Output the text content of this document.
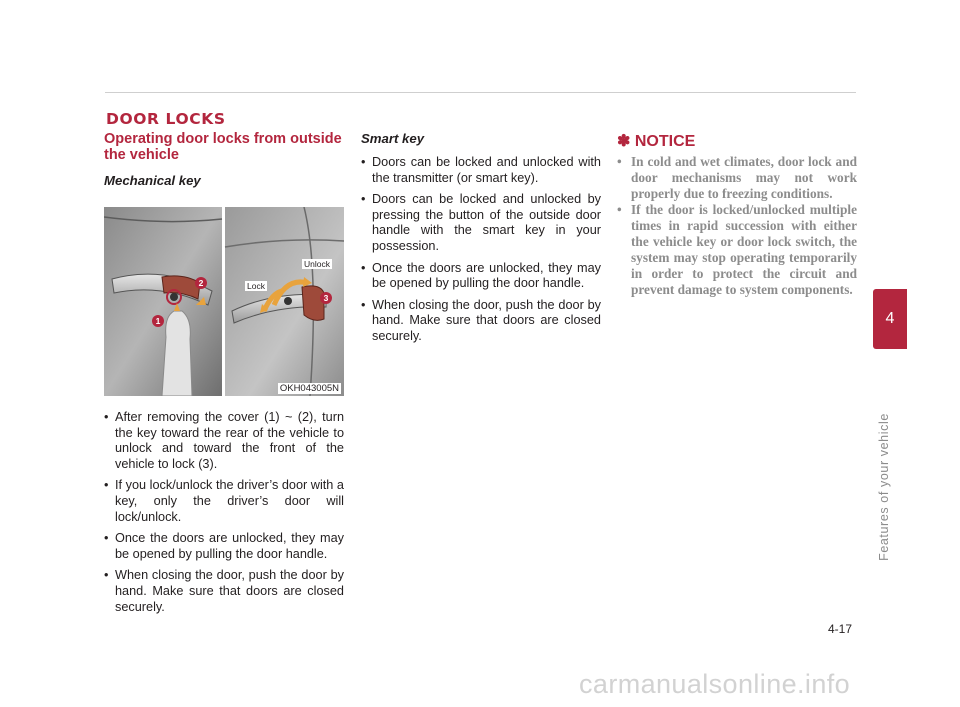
DOOR LOCKS
Operating door locks from outside the vehicle
Mechanical key
1
2
3
Lock
Unlock
OKH043005N
• After removing the cover (1) ~ (2), turn the key toward the rear of the vehicle to unlock and toward the front of the vehicle to lock (3).
• If you lock/unlock the driver’s door with a key, only the driver’s door will lock/unlock.
• Once the doors are unlocked, they may be opened by pulling the door handle.
• When closing the door, push the door by hand. Make sure that doors are closed securely.
Smart key
• Doors can be locked and unlocked with the transmitter (or smart key).
• Doors can be locked and unlocked by pressing the button of the outside door handle with the smart key in your possession.
• Once the doors are unlocked, they may be opened by pulling the door handle.
• When closing the door, push the door by hand. Make sure that doors are closed securely.
✽ NOTICE
• In cold and wet climates, door lock and door mechanisms may not work properly due to freezing conditions.
• If the door is locked/unlocked multiple times in rapid succession with either the vehicle key or door lock switch, the system may stop operating temporarily in order to protect the circuit and prevent damage to system components.
4
Features of your vehicle
4-17
carmanualsonline.info
